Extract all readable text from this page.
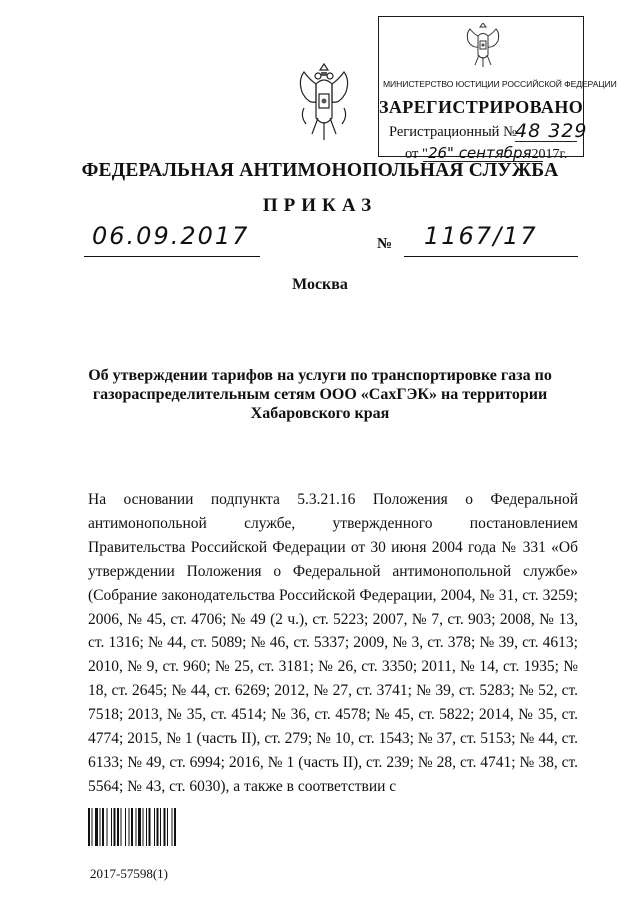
МИНИСТЕРСТВО ЮСТИЦИИ РОССИЙСКОЙ ФЕДЕРАЦИИ
ЗАРЕГИСТРИРОВАНО
Регистрационный №
48 329
от "26" сентября2017г.
ФЕДЕРАЛЬНАЯ АНТИМОНОПОЛЬНАЯ СЛУЖБА
ПРИКАЗ
06.09.2017	№ 1167/17
Москва
Об утверждении тарифов на услуги по транспортировке газа по
газораспределительным сетям ООО «СахГЭК» на территории
Хабаровского края
На основании подпункта 5.3.21.16 Положения о Федеральной антимонопольной службе, утвержденного постановлением Правительства Российской Федерации от 30 июня 2004 года № 331 «Об утверждении Положения о Федеральной антимонопольной службе» (Собрание законодательства Российской Федерации, 2004, № 31, ст. 3259; 2006, № 45, ст. 4706; № 49 (2 ч.), ст. 5223; 2007, № 7, ст. 903; 2008, № 13, ст. 1316; № 44, ст. 5089; № 46, ст. 5337; 2009, № 3, ст. 378; № 39, ст. 4613; 2010, № 9, ст. 960; № 25, ст. 3181; № 26, ст. 3350; 2011, № 14, ст. 1935; № 18, ст. 2645; № 44, ст. 6269; 2012, № 27, ст. 3741; № 39, ст. 5283; № 52, ст. 7518; 2013, № 35, ст. 4514; № 36, ст. 4578; № 45, ст. 5822; 2014, № 35, ст. 4774; 2015, № 1 (часть II), ст. 279; № 10, ст. 1543; № 37, ст. 5153; № 44, ст. 6133; № 49, ст. 6994; 2016, № 1 (часть II), ст. 239; № 28, ст. 4741; № 38, ст. 5564; № 43, ст. 6030), а также в соответствии с
2017-57598(1)
